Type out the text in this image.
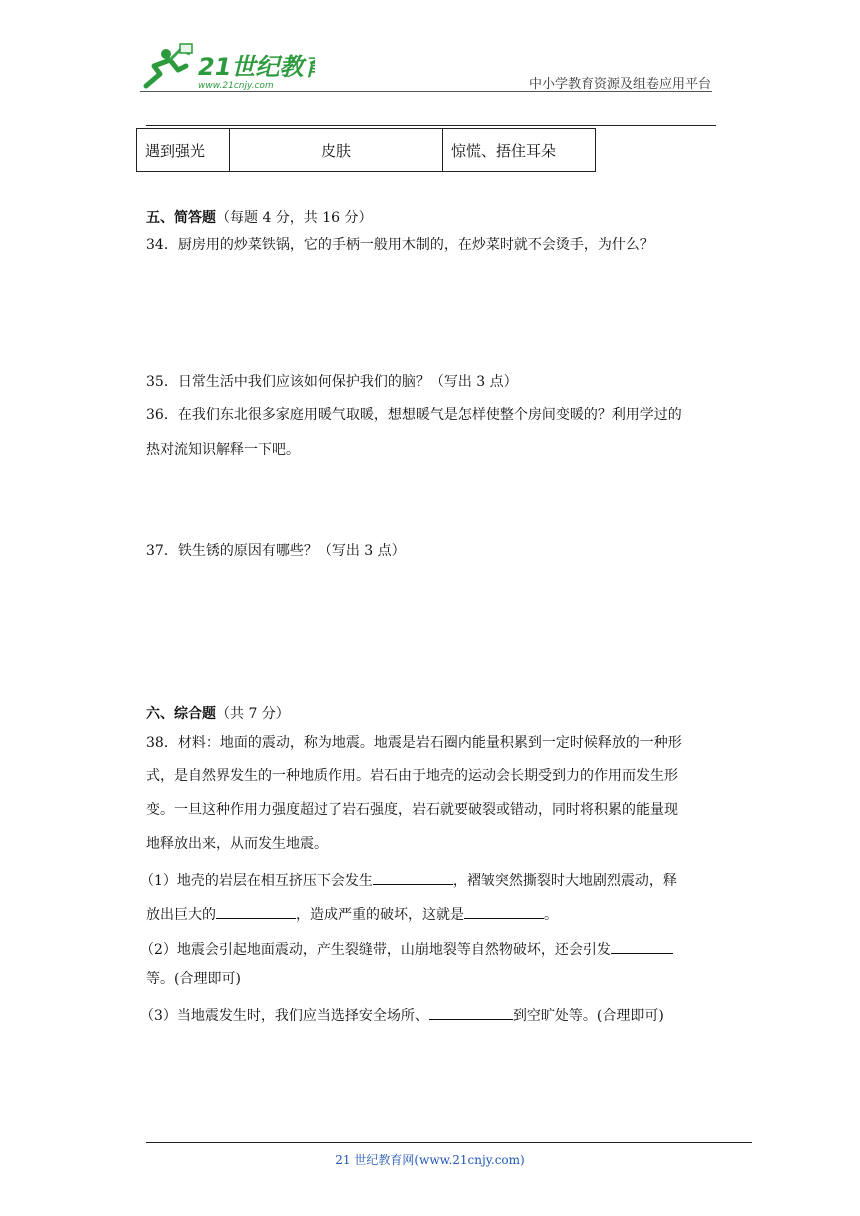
21世纪教育
www.21cnjy.com	中小学教育资源及组卷应用平台
遇到强光	皮肤	惊慌、捂住耳朵
五、简答题（每题 4 分，共 16 分）
34．厨房用的炒菜铁锅，它的手柄一般用木制的，在炒菜时就不会烫手，为什么？
35．日常生活中我们应该如何保护我们的脑？（写出 3 点）
36．在我们东北很多家庭用暖气取暖，想想暖气是怎样使整个房间变暖的？利用学过的
热对流知识解释一下吧。
37．铁生锈的原因有哪些？（写出 3 点）
六、综合题（共 7 分）
38．材料：地面的震动，称为地震。地震是岩石圈内能量积累到一定时候释放的一种形
式，是自然界发生的一种地质作用。岩石由于地壳的运动会长期受到力的作用而发生形
变。一旦这种作用力强度超过了岩石强度，岩石就要破裂或错动，同时将积累的能量现
地释放出来，从而发生地震。
（1）地壳的岩层在相互挤压下会发生	，褶皱突然撕裂时大地剧烈震动，释
放出巨大的	，造成严重的破坏，这就是	。
（2）地震会引起地面震动，产生裂缝带，山崩地裂等自然物破坏，还会引发
等。(合理即可)
（3）当地震发生时，我们应当选择安全场所、	到空旷处等。(合理即可)
21 世纪教育网(www.21cnjy.com)
